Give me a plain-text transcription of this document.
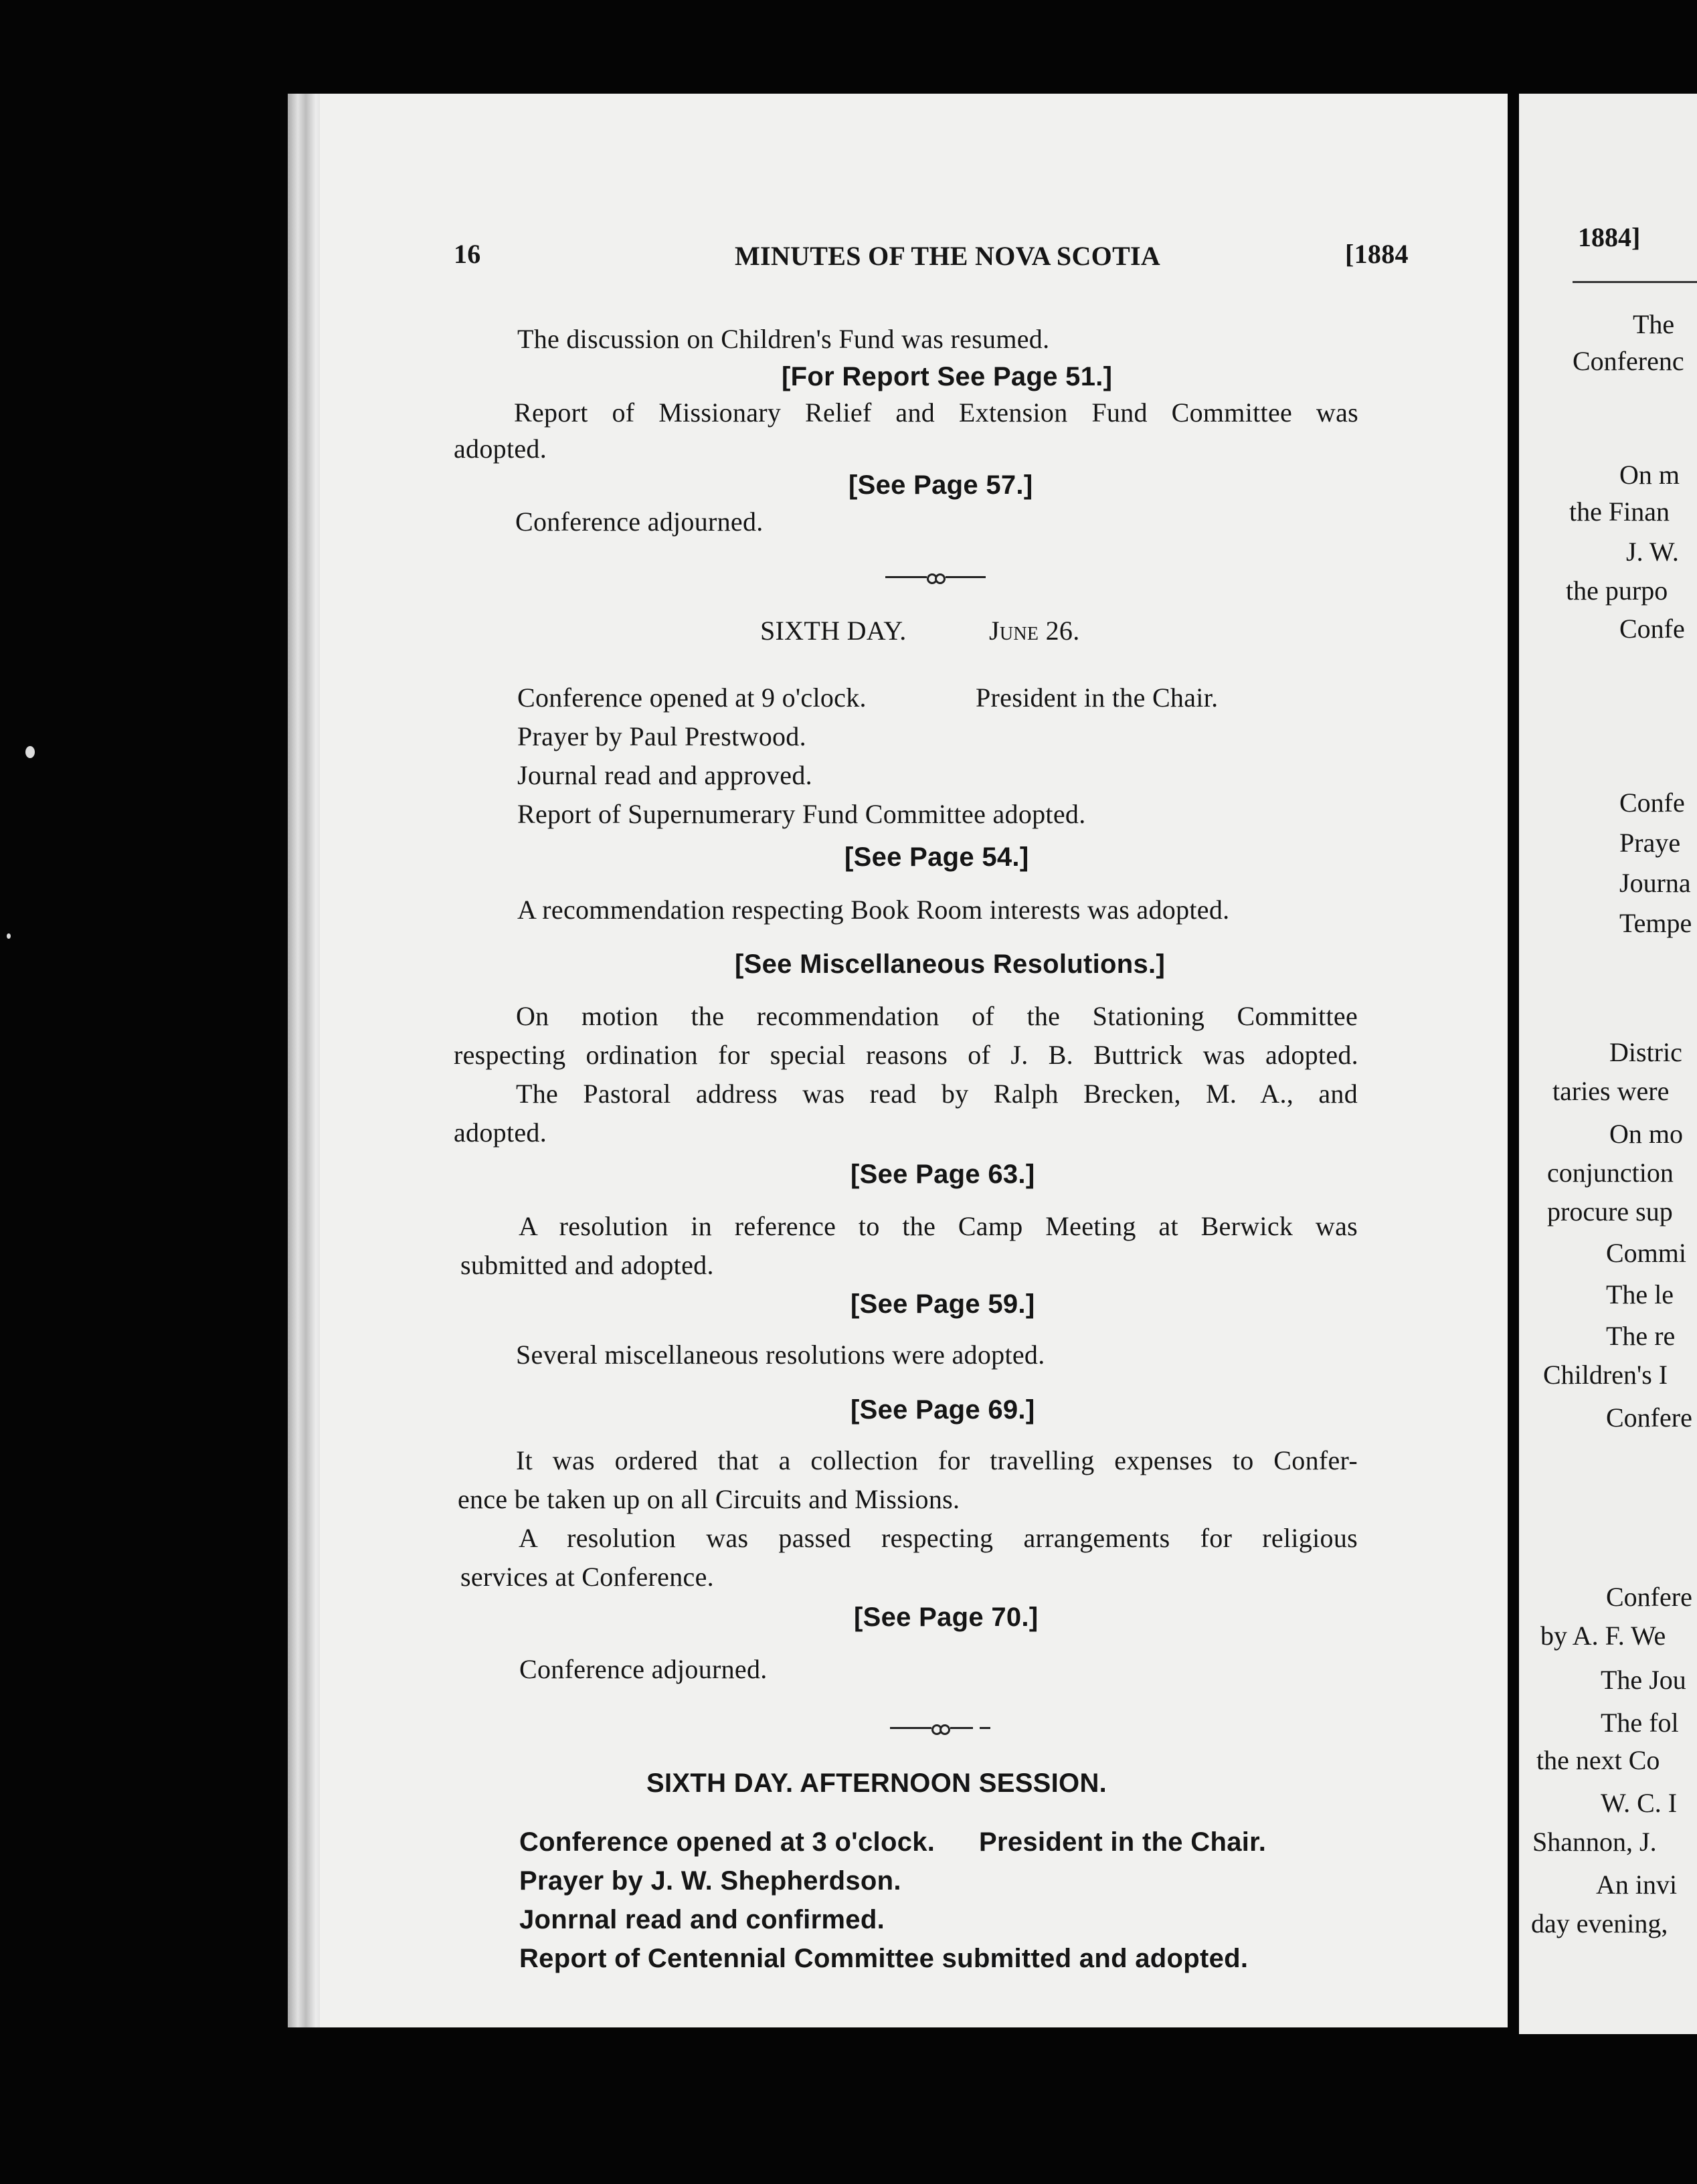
16	MINUTES OF THE NOVA SCOTIA	[1884
The discussion on Children's Fund was resumed.
[For Report See Page 51.]
Report of Missionary Relief and Extension Fund Committee was
adopted.
[See Page 57.]
Conference adjourned.
SIXTH DAY.	June 26.
Conference opened at 9 o'clock.	President in the Chair.
Prayer by Paul Prestwood.
Journal read and approved.
Report of Supernumerary Fund Committee adopted.
[See Page 54.]
A recommendation respecting Book Room interests was adopted.
[See Miscellaneous Resolutions.]
On motion the recommendation of the Stationing Committee
respecting ordination for special reasons of J. B. Buttrick was adopted.
The Pastoral address was read by Ralph Brecken, M. A., and
adopted.
[See Page 63.]
A resolution in reference to the Camp Meeting at Berwick was
submitted and adopted.
[See Page 59.]
Several miscellaneous resolutions were adopted.
[See Page 69.]
It was ordered that a collection for travelling expenses to Confer-
ence be taken up on all Circuits and Missions.
A resolution was passed respecting arrangements for religious
services at Conference.
[See Page 70.]
Conference adjourned.
SIXTH DAY. AFTERNOON SESSION.
Conference opened at 3 o'clock. President in the Chair.
Prayer by J. W. Shepherdson.
Jonrnal read and confirmed.
Report of Centennial Committee submitted and adopted.
1884]
The
Conferenc
On m
the Finan
J. W.
the purpo
Confe
Confe
Praye
Journa
Tempe
Distric
taries were
On mo
conjunction
procure sup
Commi
The le
The re
Children's I
Confere
Confere
by A. F. We
The Jou
The fol
the next Co
W. C. I
Shannon, J.
An invi
day evening,
